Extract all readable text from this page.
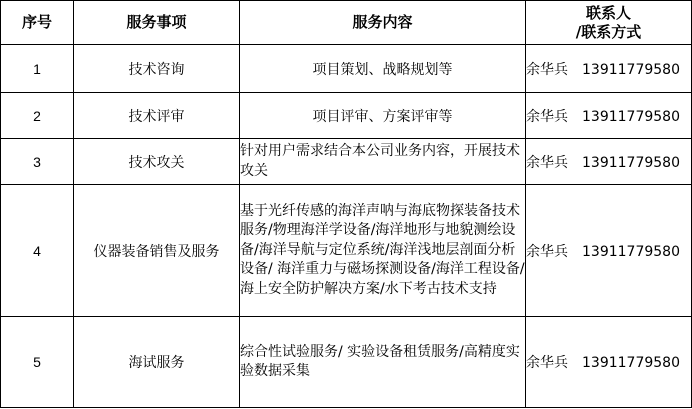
序号	服务事项	服务内容	联系人
/联系方式

1	技术咨询	项目策划、战略规划等	余华兵 13911779580
2	技术评审	项目评审、方案评审等	余华兵 13911779580
3	技术攻关	针对用户需求结合本公司业务内容，开展技术攻关	余华兵 13911779580
4	仪器装备销售及服务	基于光纤传感的海洋声呐与海底物探装备技术服务/物理海洋学设备/海洋地形与地貌测绘设备/海洋导航与定位系统/海洋浅地层剖面分析设备/ 海洋重力与磁场探测设备/海洋工程设备/海上安全防护解决方案/水下考古技术支持	余华兵 13911779580
5	海试服务	综合性试验服务/ 实验设备租赁服务/高精度实验数据采集	余华兵 13911779580
